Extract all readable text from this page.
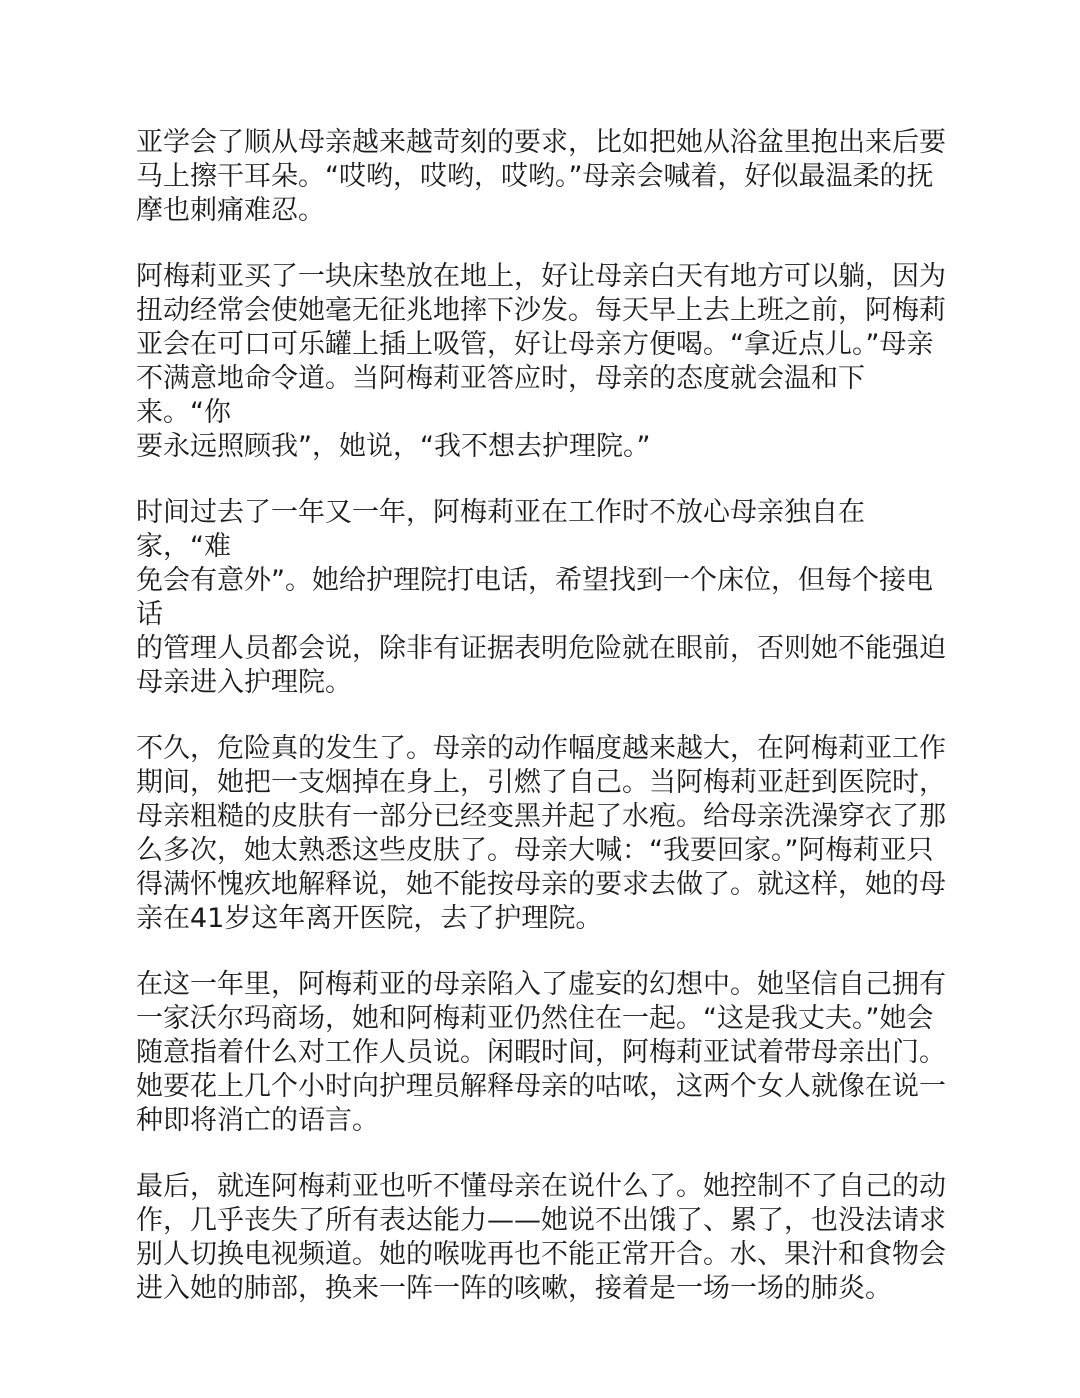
亚学会了顺从母亲越来越苛刻的要求，比如把她从浴盆里抱出来后要
马上擦干耳朵。“哎哟，哎哟，哎哟。”母亲会喊着，好似最温柔的抚
摩也刺痛难忍。

阿梅莉亚买了一块床垫放在地上，好让母亲白天有地方可以躺，因为
扭动经常会使她毫无征兆地摔下沙发。每天早上去上班之前，阿梅莉
亚会在可口可乐罐上插上吸管，好让母亲方便喝。“拿近点儿。”母亲
不满意地命令道。当阿梅莉亚答应时，母亲的态度就会温和下来。“你
要永远照顾我”，她说，“我不想去护理院。”

时间过去了一年又一年，阿梅莉亚在工作时不放心母亲独自在家，“难
免会有意外”。她给护理院打电话，希望找到一个床位，但每个接电话
的管理人员都会说，除非有证据表明危险就在眼前，否则她不能强迫
母亲进入护理院。

不久，危险真的发生了。母亲的动作幅度越来越大，在阿梅莉亚工作
期间，她把一支烟掉在身上，引燃了自己。当阿梅莉亚赶到医院时，
母亲粗糙的皮肤有一部分已经变黑并起了水疱。给母亲洗澡穿衣了那
么多次，她太熟悉这些皮肤了。母亲大喊：“我要回家。”阿梅莉亚只
得满怀愧疚地解释说，她不能按母亲的要求去做了。就这样，她的母
亲在41岁这年离开医院，去了护理院。

在这一年里，阿梅莉亚的母亲陷入了虚妄的幻想中。她坚信自己拥有
一家沃尔玛商场，她和阿梅莉亚仍然住在一起。“这是我丈夫。”她会
随意指着什么对工作人员说。闲暇时间，阿梅莉亚试着带母亲出门。
她要花上几个小时向护理员解释母亲的咕哝，这两个女人就像在说一
种即将消亡的语言。

最后，就连阿梅莉亚也听不懂母亲在说什么了。她控制不了自己的动
作，几乎丧失了所有表达能力——她说不出饿了、累了，也没法请求
别人切换电视频道。她的喉咙再也不能正常开合。水、果汁和食物会
进入她的肺部，换来一阵一阵的咳嗽，接着是一场一场的肺炎。
